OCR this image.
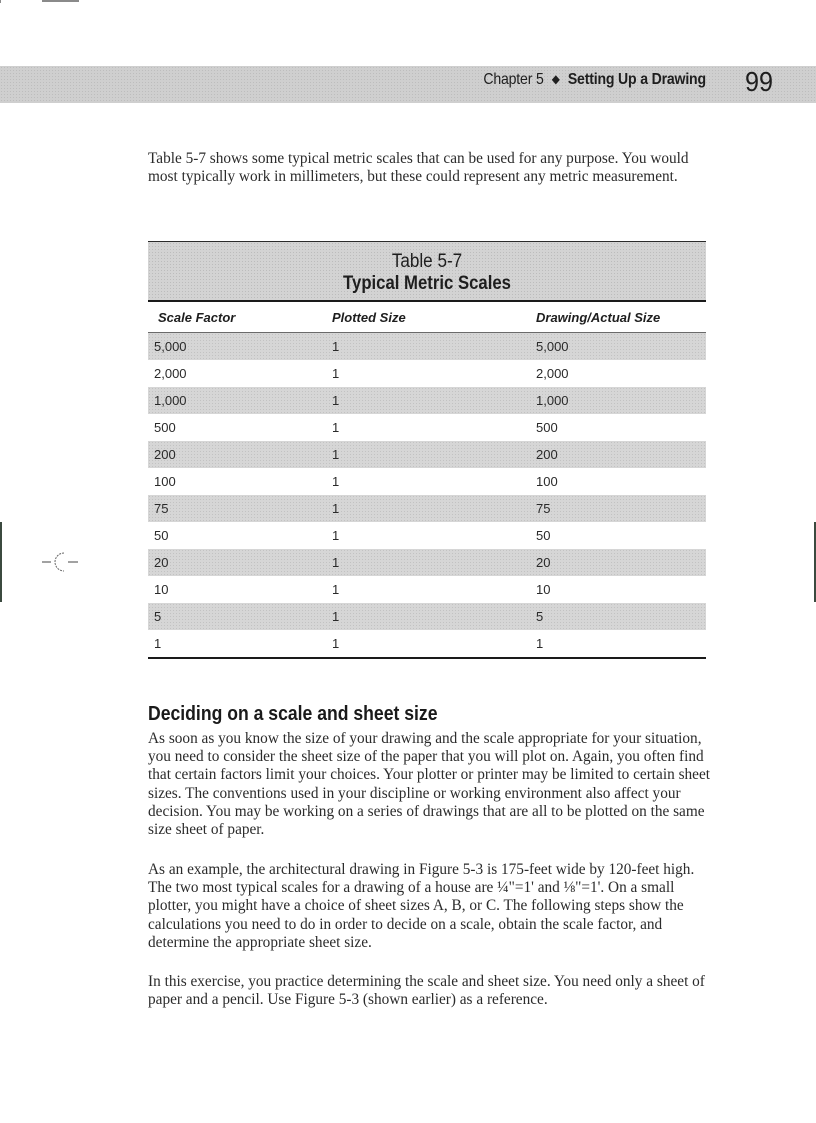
Chapter 5 ◆ Setting Up a Drawing 99

Table 5-7 shows some typical metric scales that can be used for any purpose. You would most typically work in millimeters, but these could represent any metric measurement.

Table 5-7
Typical Metric Scales
Scale Factor	Plotted Size	Drawing/Actual Size
5,000	1	5,000
2,000	1	2,000
1,000	1	1,000
500	1	500
200	1	200
100	1	100
75	1	75
50	1	50
20	1	20
10	1	10
5	1	5
1	1	1
Deciding on a scale and sheet size

As soon as you know the size of your drawing and the scale appropriate for your situation, you need to consider the sheet size of the paper that you will plot on. Again, you often find that certain factors limit your choices. Your plotter or printer may be limited to certain sheet sizes. The conventions used in your discipline or working environment also affect your decision. You may be working on a series of drawings that are all to be plotted on the same size sheet of paper.

As an example, the architectural drawing in Figure 5-3 is 175-feet wide by 120-feet high. The two most typical scales for a drawing of a house are ¼"=1' and ⅛"=1'. On a small plotter, you might have a choice of sheet sizes A, B, or C. The following steps show the calculations you need to do in order to decide on a scale, obtain the scale factor, and determine the appropriate sheet size.

In this exercise, you practice determining the scale and sheet size. You need only a sheet of paper and a pencil. Use Figure 5-3 (shown earlier) as a reference.
